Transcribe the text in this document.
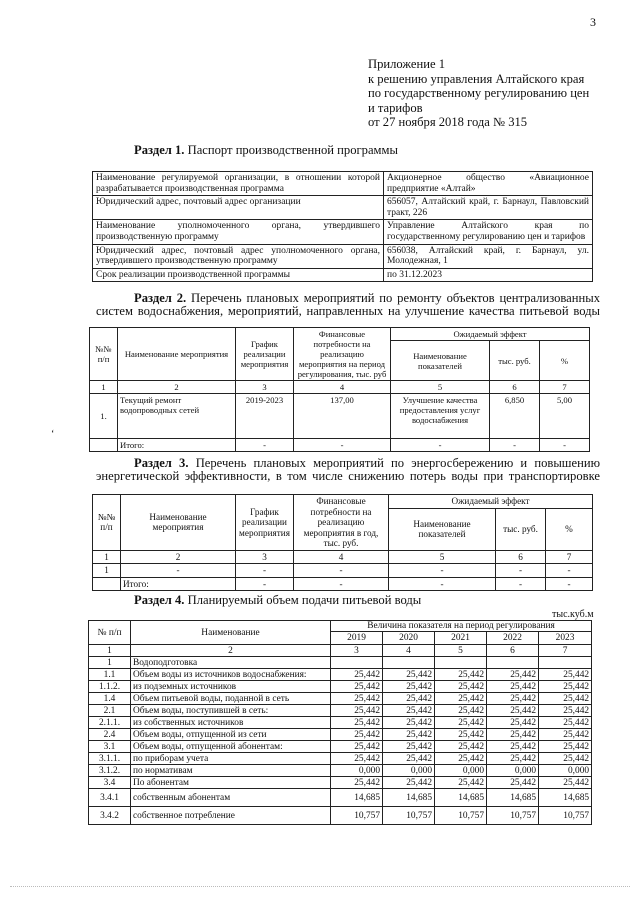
3
Приложение 1
к решению управления Алтайского края
по государственному регулированию цен
и тарифов
от 27 ноября 2018 года № 315
Раздел 1. Паспорт производственной программы
Наименование регулируемой организации, в отношении которой разрабатывается производственная программа	Акционерное общество «Авиационное предприятие «Алтай»

Юридический адрес, почтовый адрес организации	656057, Алтайский край, г. Барнаул, Павловский тракт, 226

Наименование уполномоченного органа, утвердившего производственную программу	Управление Алтайского края по государственному регулированию цен и тарифов

Юридический адрес, почтовый адрес уполномоченного органа, утвердившего производственную программу	656038, Алтайский край, г. Барнаул, ул. Молодежная, 1

Срок реализации производственной программы	по 31.12.2023
Раздел 2. Перечень плановых мероприятий по ремонту объектов централизованных систем водоснабжения, мероприятий, направленных на улучшение качества питьевой воды
№№ п/п	Наименование мероприятия	График реализации мероприятия	Финансовые потребности на реализацию мероприятия на период регулирования, тыс. руб	Ожидаемый эффект		
				Наименование показателей	тыс. руб.	%
1	2	3	4	5	6	7
1.	Текущий ремонт водопроводных сетей	2019-2023	137,00	Улучшение качества предоставления услуг водоснабжения	6,850	5,00
	Итого:	-	-	-	-	-
‘
Раздел 3. Перечень плановых мероприятий по энергосбережению и повышению энергетической эффективности, в том числе снижению потерь воды при транспортировке
№№ п/п	Наименование мероприятия	График реализации мероприятия	Финансовые потребности на реализацию мероприятия в год, тыс. руб.	Ожидаемый эффект		
				Наименование показателей	тыс. руб.	%
1	2	3	4	5	6	7
1	-	-	-	-	-	-
	Итого:	-	-	-	-	-
Раздел 4. Планируемый объем подачи питьевой воды
тыс.куб.м
№ п/п	Наименование	Величина показателя на период регулирования				
		2019	2020	2021	2022	2023
1	2	3	4	5	6	7
1	Водоподготовка					
1.1	Объем воды из источников водоснабжения:	25,442	25,442	25,442	25,442	25,442
1.1.2.	из подземных источников	25,442	25,442	25,442	25,442	25,442
1.4	Объем питьевой воды, поданной в сеть	25,442	25,442	25,442	25,442	25,442
2.1	Объем воды, поступившей в сеть:	25,442	25,442	25,442	25,442	25,442
2.1.1.	из собственных источников	25,442	25,442	25,442	25,442	25,442
2.4	Объем воды, отпущенной из сети	25,442	25,442	25,442	25,442	25,442
3.1	Объем воды, отпущенной абонентам:	25,442	25,442	25,442	25,442	25,442
3.1.1.	по приборам учета	25,442	25,442	25,442	25,442	25,442
3.1.2.	по нормативам	0,000	0,000	0,000	0,000	0,000
3.4	По абонентам	25,442	25,442	25,442	25,442	25,442
3.4.1	собственным абонентам	14,685	14,685	14,685	14,685	14,685
3.4.2	собственное потребление	10,757	10,757	10,757	10,757	10,757
